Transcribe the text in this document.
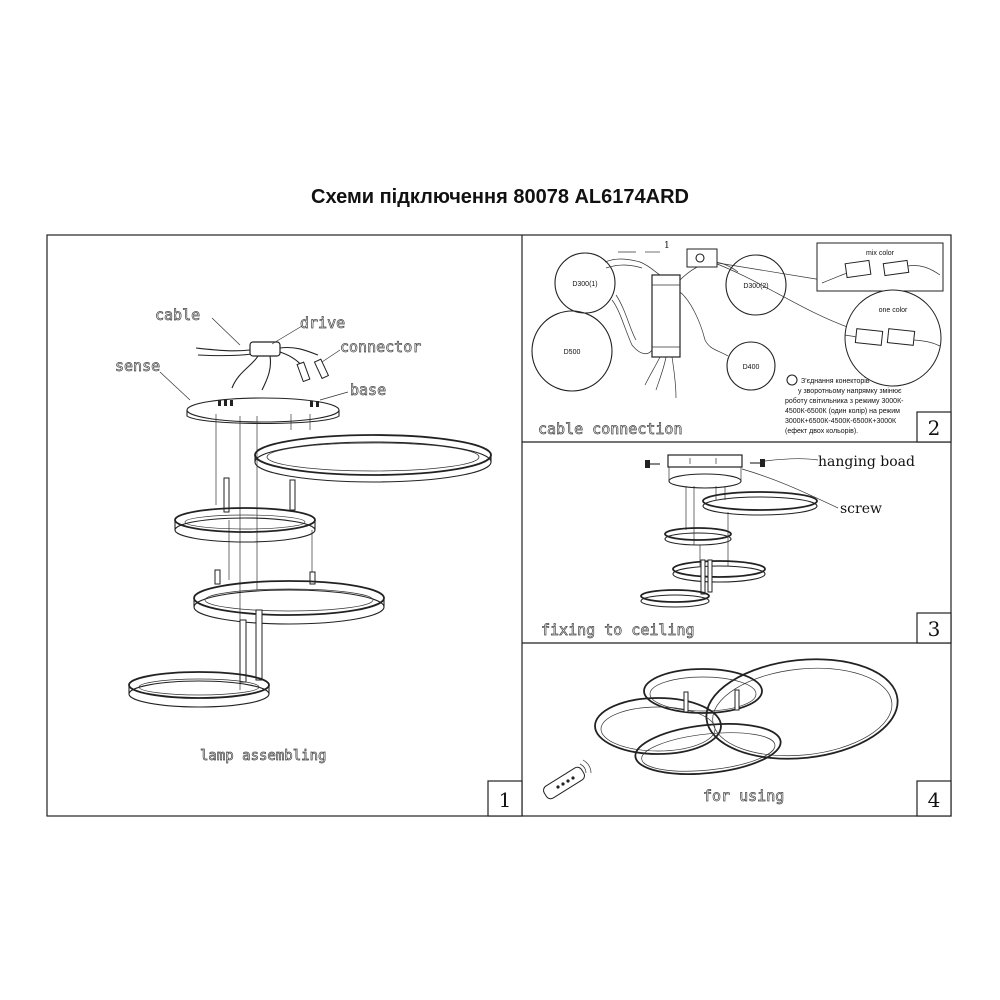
Схеми підключення 80078 AL6174ARD
1
2
3
4
cable	drive
connector
sense
base
lamp assembling
1
D300(1)
D500
D300(2)
D400
mix color
one color
З'єднання конекторів
у зворотньому напрямку змінює
роботу світильника з режиму 3000К-
4500К-6500К (один колір) на режим
3000К+6500К-4500К-6500К+3000К
(ефект двох кольорів).
cable connection
hanging boad
screw
fixing to ceiling
for using
